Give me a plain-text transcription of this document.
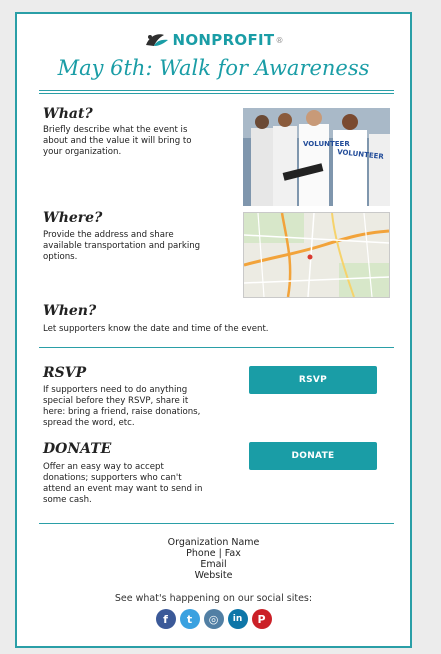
NONPROFIT ®
May 6th: Walk for Awareness
What?
Briefly describe what the event is
about and the value it will bring to
your organization.
VOLUNTEER
VOLUNTEER
Where?
Provide the address and share
available transportation and parking
options.
When?
Let supporters know the date and time of the event.
RSVP
If supporters need to do anything
special before they RSVP, share it
here: bring a friend, raise donations,
spread the word, etc.
RSVP
DONATE
Offer an easy way to accept
donations; supporters who can't
attend an event may want to send in
some cash.
DONATE
Organization Name
Phone | Fax
Email
Website
See what's happening on our social sites:
f	t	◎	in	P
